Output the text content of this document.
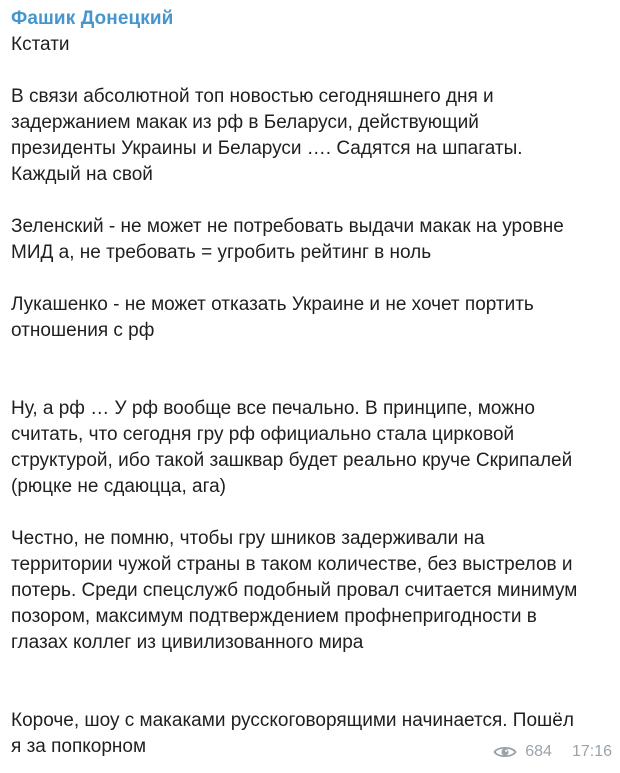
Фашик Донецкий
Кстати
В связи абсолютной топ новостью сегодняшнего дня и
задержанием макак из рф в Беларуси, действующий
президенты Украины и Беларуси …. Садятся на шпагаты.
Каждый на свой
Зеленский - не может не потребовать выдачи макак на уровне
МИД а, не требовать = угробить рейтинг в ноль
Лукашенко - не может отказать Украине и не хочет портить
отношения с рф
Ну, а рф … У рф вообще все печально. В принципе, можно
считать, что сегодня гру рф официально стала цирковой
структурой, ибо такой зашквар будет реально круче Скрипалей
(рюцке не сдаюцца, ага)
Честно, не помню, чтобы гру шников задерживали на
территории чужой страны в таком количестве, без выстрелов и
потерь. Среди спецслужб подобный провал считается минимум
позором, максимум подтверждением профнепригодности в
глазах коллег из цивилизованного мира
Короче, шоу с макаками русскоговорящими начинается. Пошёл
я за попкорном	684 17:16
